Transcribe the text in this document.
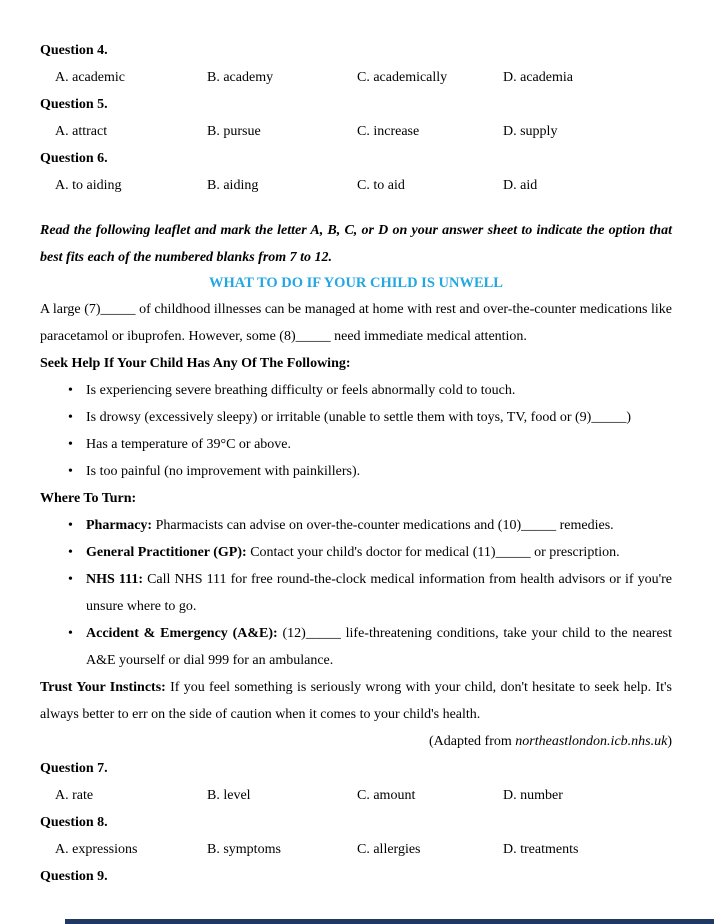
Question 4.

A. academic	B. academy	C. academically	D. academia

Question 5.

A. attract	B. pursue	C. increase	D. supply

Question 6.

A. to aiding	B. aiding	C. to aid	D. aid

Read the following leaflet and mark the letter A, B, C, or D on your answer sheet to indicate the option that best fits each of the numbered blanks from 7 to 12.

WHAT TO DO IF YOUR CHILD IS UNWELL

A large (7)_____ of childhood illnesses can be managed at home with rest and over-the-counter medications like paracetamol or ibuprofen. However, some (8)_____ need immediate medical attention.

Seek Help If Your Child Has Any Of The Following:

• Is experiencing severe breathing difficulty or feels abnormally cold to touch.
• Is drowsy (excessively sleepy) or irritable (unable to settle them with toys, TV, food or (9)_____)
• Has a temperature of 39°C or above.
• Is too painful (no improvement with painkillers).

Where To Turn:

• Pharmacy: Pharmacists can advise on over-the-counter medications and (10)_____ remedies.
• General Practitioner (GP): Contact your child's doctor for medical (11)_____ or prescription.
• NHS 111: Call NHS 111 for free round-the-clock medical information from health advisors or if you're unsure where to go.
• Accident & Emergency (A&E): (12)_____ life-threatening conditions, take your child to the nearest A&E yourself or dial 999 for an ambulance.

Trust Your Instincts: If you feel something is seriously wrong with your child, don't hesitate to seek help. It's always better to err on the side of caution when it comes to your child's health.

(Adapted from northeastlondon.icb.nhs.uk)

Question 7.

A. rate	B. level	C. amount	D. number

Question 8.

A. expressions	B. symptoms	C. allergies	D. treatments

Question 9.
